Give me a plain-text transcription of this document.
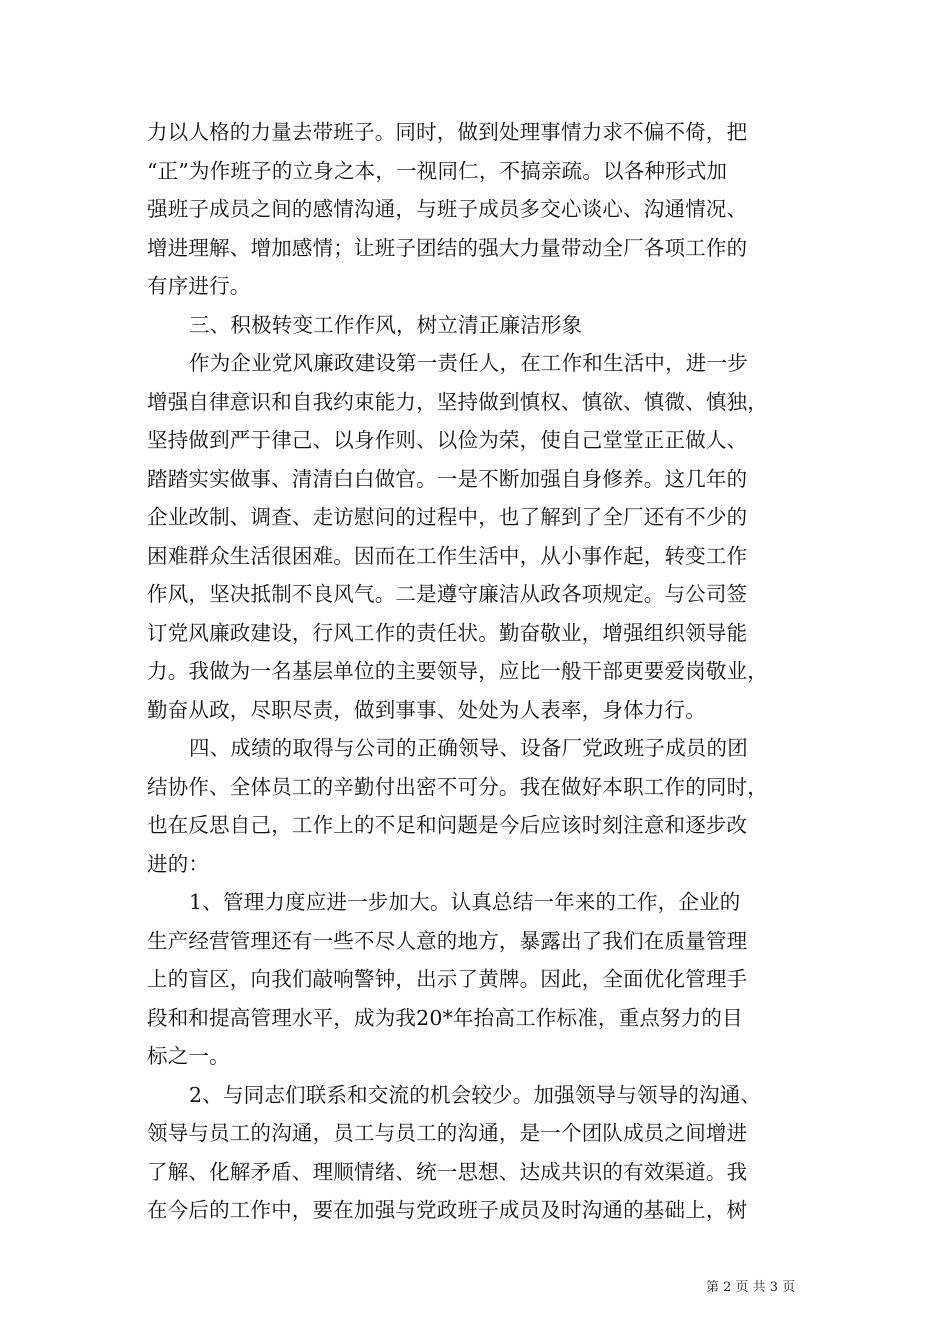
力以人格的力量去带班子。同时，做到处理事情力求不偏不倚，把
“正”为作班子的立身之本，一视同仁，不搞亲疏。以各种形式加
强班子成员之间的感情沟通，与班子成员多交心谈心、沟通情况、
增进理解、增加感情；让班子团结的强大力量带动全厂各项工作的
有序进行。
三、积极转变工作作风，树立清正廉洁形象
作为企业党风廉政建设第一责任人，在工作和生活中，进一步
增强自律意识和自我约束能力，坚持做到慎权、慎欲、慎微、慎独，
坚持做到严于律己、以身作则、以俭为荣，使自己堂堂正正做人、
踏踏实实做事、清清白白做官。一是不断加强自身修养。这几年的
企业改制、调查、走访慰问的过程中，也了解到了全厂还有不少的
困难群众生活很困难。因而在工作生活中，从小事作起，转变工作
作风，坚决抵制不良风气。二是遵守廉洁从政各项规定。与公司签
订党风廉政建设，行风工作的责任状。勤奋敬业，增强组织领导能
力。我做为一名基层单位的主要领导，应比一般干部更要爱岗敬业，
勤奋从政，尽职尽责，做到事事、处处为人表率，身体力行。
四、成绩的取得与公司的正确领导、设备厂党政班子成员的团
结协作、全体员工的辛勤付出密不可分。我在做好本职工作的同时，
也在反思自己，工作上的不足和问题是今后应该时刻注意和逐步改
进的：
1、管理力度应进一步加大。认真总结一年来的工作，企业的
生产经营管理还有一些不尽人意的地方，暴露出了我们在质量管理
上的盲区，向我们敲响警钟，出示了黄牌。因此，全面优化管理手
段和和提高管理水平，成为我20*年抬高工作标准，重点努力的目
标之一。
2、与同志们联系和交流的机会较少。加强领导与领导的沟通、
领导与员工的沟通，员工与员工的沟通，是一个团队成员之间增进
了解、化解矛盾、理顺情绪、统一思想、达成共识的有效渠道。我
在今后的工作中，要在加强与党政班子成员及时沟通的基础上，树
第 2 页 共 3 页
